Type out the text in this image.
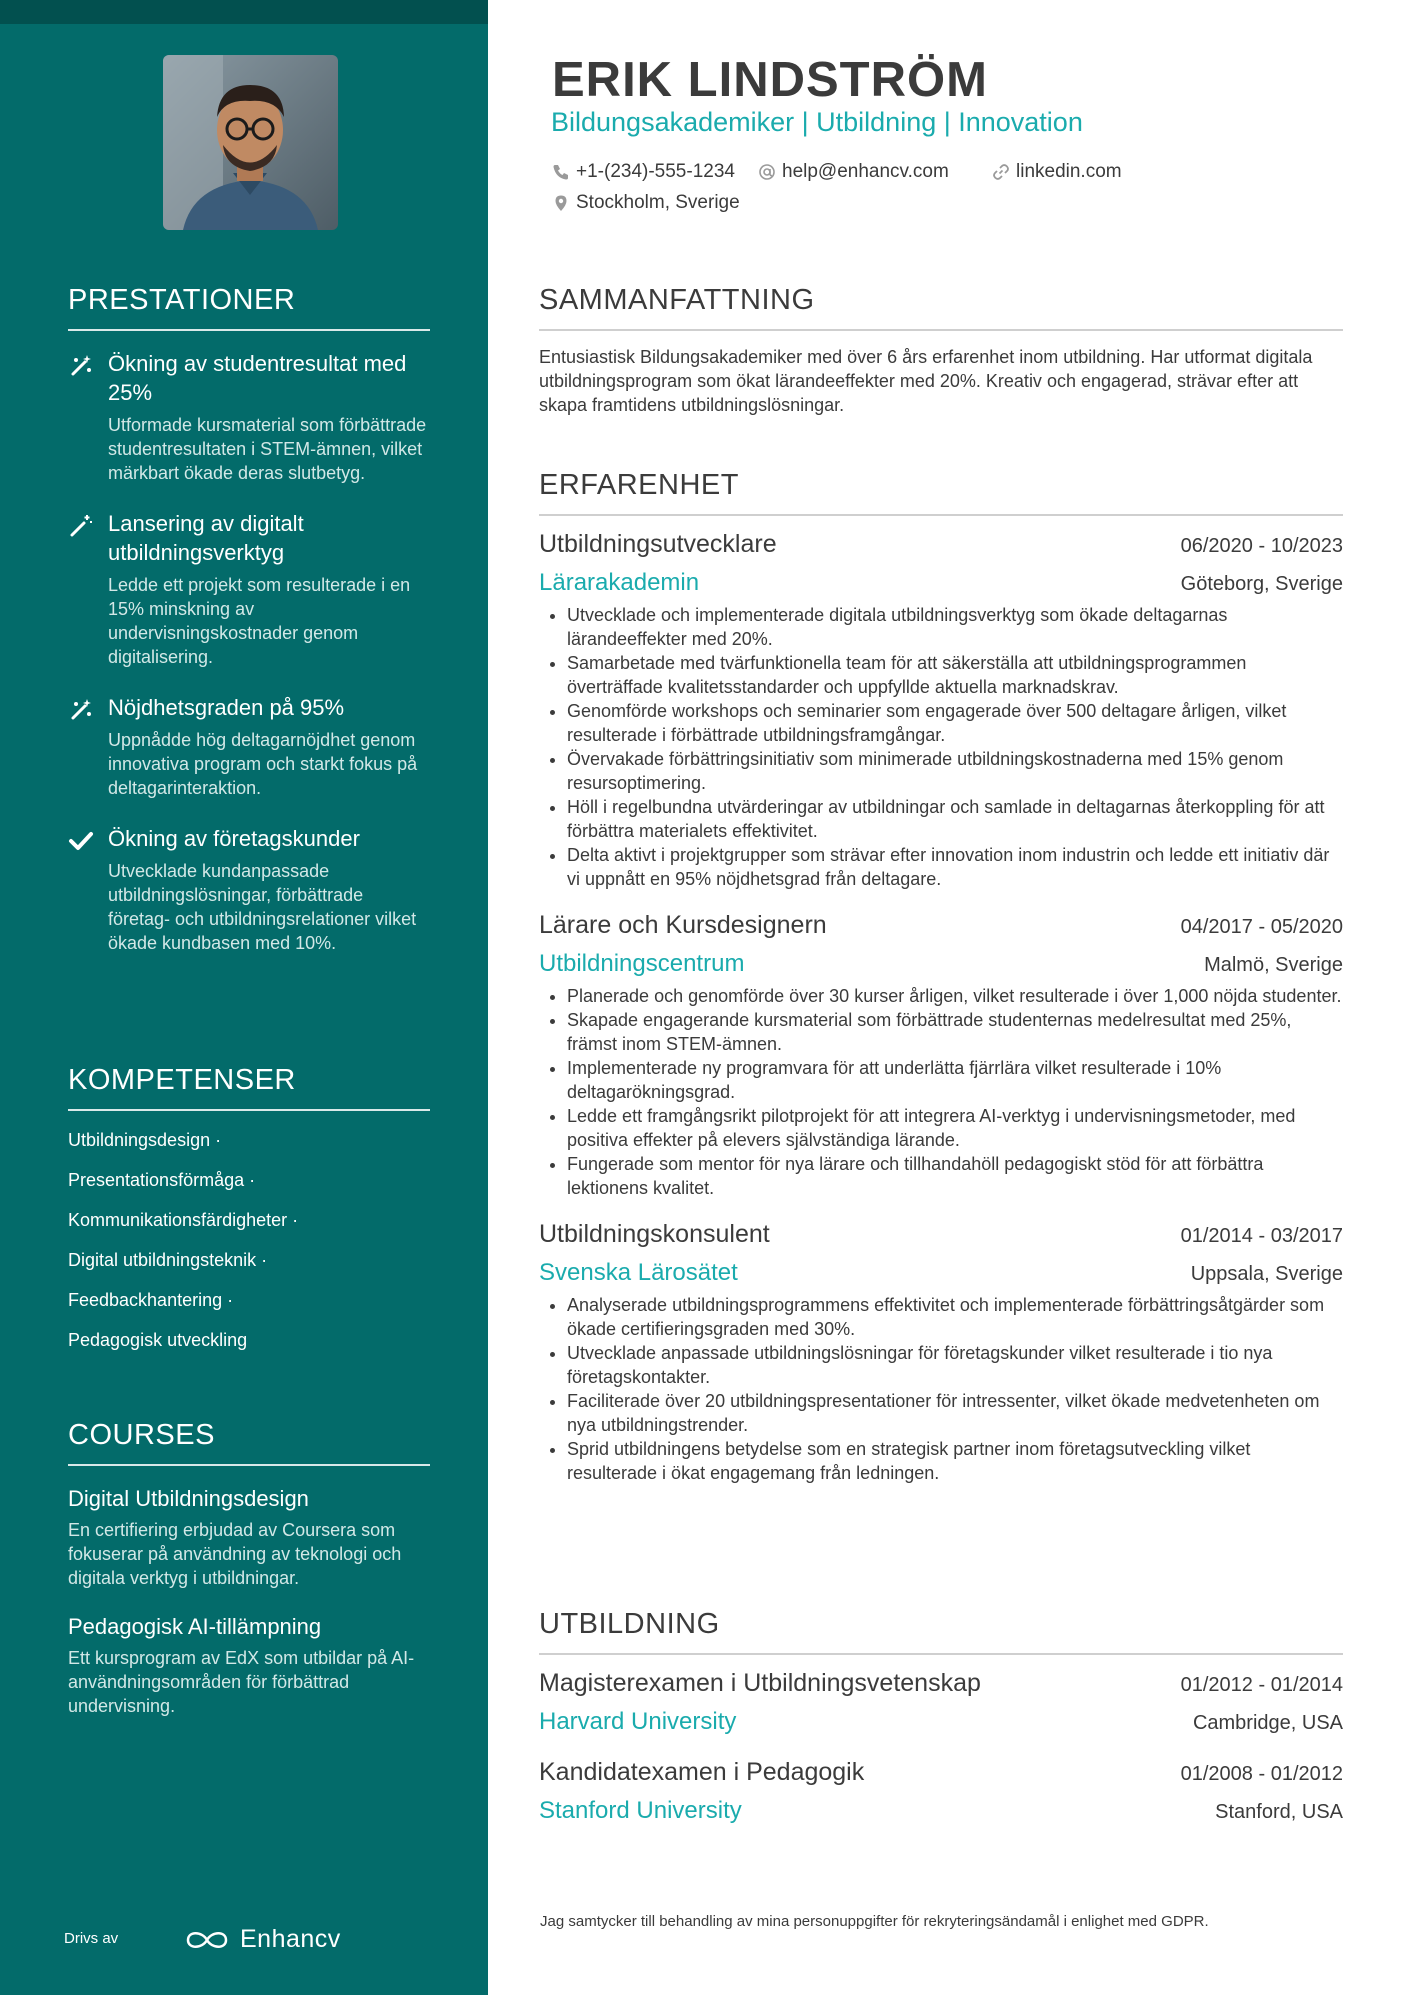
PRESTATIONER
Ökning av studentresultat med 25%
Utformade kursmaterial som förbättrade studentresultaten i STEM-ämnen, vilket märkbart ökade deras slutbetyg.
Lansering av digitalt utbildningsverktyg
Ledde ett projekt som resulterade i en 15% minskning av undervisningskostnader genom digitalisering.
Nöjdhetsgraden på 95%
Uppnådde hög deltagarnöjdhet genom innovativa program och starkt fokus på deltagarinteraktion.
Ökning av företagskunder
Utvecklade kundanpassade utbildningslösningar, förbättrade företag- och utbildningsrelationer vilket ökade kundbasen med 10%.
KOMPETENSER
Utbildningsdesign ·
Presentationsförmåga ·
Kommunikationsfärdigheter ·
Digital utbildningsteknik ·
Feedbackhantering ·
Pedagogisk utveckling
COURSES
Digital Utbildningsdesign
En certifiering erbjudad av Coursera som fokuserar på användning av teknologi och digitala verktyg i utbildningar.
Pedagogisk AI-tillämpning
Ett kursprogram av EdX som utbildar på AI-användningsområden för förbättrad undervisning.
Drivs av	Enhancv
ERIK LINDSTRÖM
Bildungsakademiker | Utbildning | Innovation
+1-(234)-555-1234 help@enhancv.com	linkedin.com
Stockholm, Sverige
SAMMANFATTNING
Entusiastisk Bildungsakademiker med över 6 års erfarenhet inom utbildning. Har utformat digitala utbildningsprogram som ökat lärandeeffekter med 20%. Kreativ och engagerad, strävar efter att skapa framtidens utbildningslösningar.
ERFARENHET
Utbildningsutvecklare	06/2020 - 10/2023
Lärarakademin	Göteborg, Sverige
• Utvecklade och implementerade digitala utbildningsverktyg som ökade deltagarnas lärandeeffekter med 20%.
• Samarbetade med tvärfunktionella team för att säkerställa att utbildningsprogrammen överträffade kvalitetsstandarder och uppfyllde aktuella marknadskrav.
• Genomförde workshops och seminarier som engagerade över 500 deltagare årligen, vilket resulterade i förbättrade utbildningsframgångar.
• Övervakade förbättringsinitiativ som minimerade utbildningskostnaderna med 15% genom resursoptimering.
• Höll i regelbundna utvärderingar av utbildningar och samlade in deltagarnas återkoppling för att förbättra materialets effektivitet.
• Delta aktivt i projektgrupper som strävar efter innovation inom industrin och ledde ett initiativ där vi uppnått en 95% nöjdhetsgrad från deltagare.
Lärare och Kursdesignern	04/2017 - 05/2020
Utbildningscentrum	Malmö, Sverige
• Planerade och genomförde över 30 kurser årligen, vilket resulterade i över 1,000 nöjda studenter.
• Skapade engagerande kursmaterial som förbättrade studenternas medelresultat med 25%, främst inom STEM-ämnen.
• Implementerade ny programvara för att underlätta fjärrlära vilket resulterade i 10% deltagarökningsgrad.
• Ledde ett framgångsrikt pilotprojekt för att integrera AI-verktyg i undervisningsmetoder, med positiva effekter på elevers självständiga lärande.
• Fungerade som mentor för nya lärare och tillhandahöll pedagogiskt stöd för att förbättra lektionens kvalitet.
Utbildningskonsulent	01/2014 - 03/2017
Svenska Lärosätet	Uppsala, Sverige
• Analyserade utbildningsprogrammens effektivitet och implementerade förbättringsåtgärder som ökade certifieringsgraden med 30%.
• Utvecklade anpassade utbildningslösningar för företagskunder vilket resulterade i tio nya företagskontakter.
• Faciliterade över 20 utbildningspresentationer för intressenter, vilket ökade medvetenheten om nya utbildningstrender.
• Sprid utbildningens betydelse som en strategisk partner inom företagsutveckling vilket resulterade i ökat engagemang från ledningen.
UTBILDNING
Magisterexamen i Utbildningsvetenskap	01/2012 - 01/2014
Harvard University	Cambridge, USA
Kandidatexamen i Pedagogik	01/2008 - 01/2012
Stanford University	Stanford, USA
Jag samtycker till behandling av mina personuppgifter för rekryteringsändamål i enlighet med GDPR.
